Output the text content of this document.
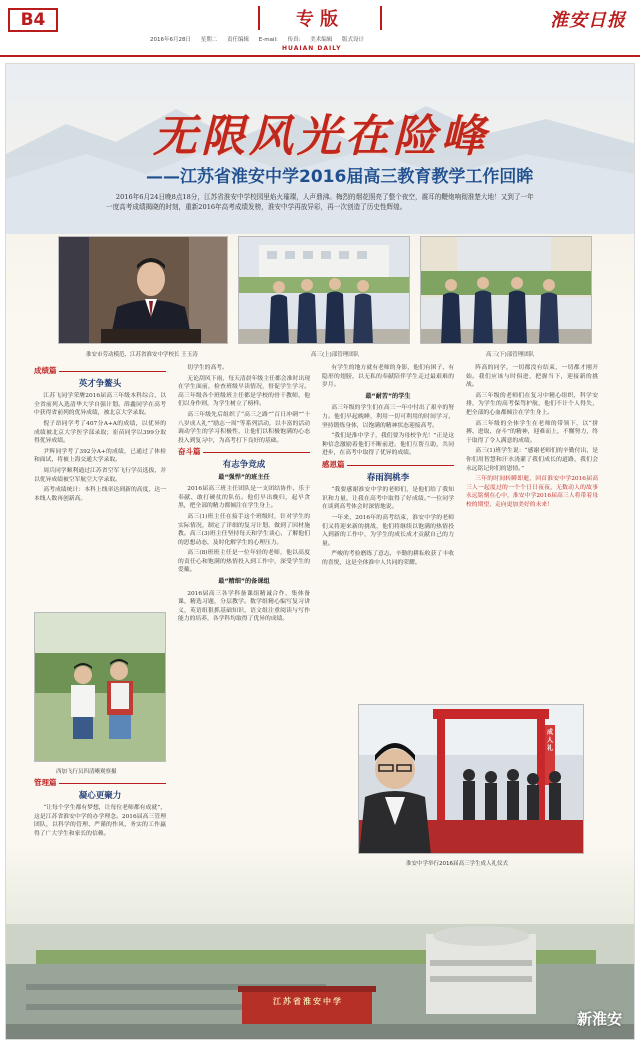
B4	专版	淮安日报
2016年6月28日 星期二 责任编辑 E-mail: 传真: 美术编辑 版式设计
HUAIAN DAILY
无限风光在险峰
——江苏省淮安中学2016届高三教育教学工作回眸
2016年6月24日晚8点18分，江苏省淮安中学校园里焰火璀璨，人声鼎沸。梅烈的烟花照亮了整个夜空，震耳的鞭炮响彻淮楚大地！又到了一年一度高考成绩揭晓的时刻，重新2016年高考成绩发榜，淮安中学再放异彩，再一次创造了历史性辉煌。
淮安市劳动模范、江苏省淮安中学校长 王玉涛	高三(上)部管理团队	高三(下)部管理团队
成绩篇
英才争鳌头

江苏飞同学荣膺2016届高三年级本科综合，以全省前列入选清华大学自强计划。薛鑫同学在高考中获得省前列的优异成绩，被北京大学录取。

倪子昂同学考了407分A+A的成绩，以优异的成绩被北京大学医学部录取；崔苗同学以399分取得优异成绩。

尹辉同学考了392分A+的成绩，已通过了体检和面试，将被上海交通大学录取。

周兵同学顺利通过江苏省空军飞行学员选拔，并以优异成绩被空军航空大学录取。

高考成绩统计：本科上线率达到新的高度，达一本线人数再创新高。

西加飞行员四清晰观察摄
管理篇
凝心更聚力

“让每个学生都有梦想，让每位老师都有成就”，这是江苏省淮安中学的办学理念。2016届高三管理团队，以科学的管理、严谨的作风、务实的工作赢得了广大学生和家长的信赖。

切学生的高考。

无论刮风下雨，每天清晨年级主任都会准时出现在学生面前，检查班级早读情况，督促学生学习。高三年级各个班级班主任都是学校的骨干教师，他们以身作则，为学生树立了榜样。

高三年级先后组织了“高三之路”“百日冲刺”“十八岁成人礼”“励志一周”等系列活动，以丰富的活动调动学生的学习积极性，让他们以积极饱满的心态投入到复习中，为高考打下良好的基础。

奋斗篇
有志争竞成
最“强悍”的班主任

2016届高三班主任团队是一支团结协作、乐于奉献、敢打硬仗的队伍。他们早出晚归，起早贪黑，把全部的精力都倾注在学生身上。

高三(1)班主任在接手这个班级时，针对学生的实际情况，制定了详细的复习计划，做到了因材施教。高三(3)班主任坚持每天和学生谈心，了解他们的思想动态，及时化解学生的心理压力。

高三(8)班班主任是一位年轻的老师，他以高度的责任心和饱满的热情投入到工作中，深受学生的爱戴。

最“精细”的备课组

2016届高三各学科备课组精诚合作，集体备课，精选习题，分层教学。数学组精心编写复习讲义，英语组狠抓基础知识，语文组注重阅读与写作能力的培养，各学科均取得了优异的成绩。

有学生的地方就有老师的身影，他们有困子、有隐形的翅膀，以无私的奉献陪伴学生走过最艰难的岁月。

最“耐苦”的学生

高三年级的学生们在高三一年中付出了艰辛的努力。他们早起晚睡，利用一切可利用的时间学习，坚持锻炼身体，以饱满的精神状态迎接高考。

“我们是淮中学子，我们要为母校争光！”正是这种信念激励着他们不断前进。他们互帮互助，共同进步，在高考中取得了优异的成绩。

感恩篇
春雨润桃李

“我要感谢淮安中学的老师们，是他们给了我知识和力量，让我在高考中取得了好成绩。”一位同学在谈到高考体会时深情地说。

一年来，2016年的高考结束，淮安中学的老师们又将迎来新的挑战，他们将继续以饱满的热情投入到新的工作中，为学生的成长成才贡献自己的力量。

严峻的考验磨练了意志，辛勤的耕耘收获了丰收的喜悦，这是全体淮中人共同的荣耀。

阵高的同学，一切都没有结束，一切都才刚开始。我们应该与时俱进，把握当下，迎接新的挑战。

高三年级的老师们在复习中精心组织，科学安排，为学生的高考保驾护航，他们不计个人得失，把全部的心血都倾注在学生身上。

高三年级的全体学生在老师的带领下，以“拼搏、进取、奋斗”的精神，迎难而上，不懈努力，终于取得了令人满意的成绩。

高三(1)班学生说：“感谢老师们的辛勤付出，是你们用智慧和汗水浇灌了我们成长的道路，我们会永远铭记你们的恩情。”

三年的时间转瞬即逝，回首淮安中学2016届高三人一起度过的一个个日日夜夜，无数动人的故事永远铭刻在心中，淮安中学2016届高三人将带着母校的期望，走向更加美好的未来！

成人礼
江苏省淮安中学
新淮安
